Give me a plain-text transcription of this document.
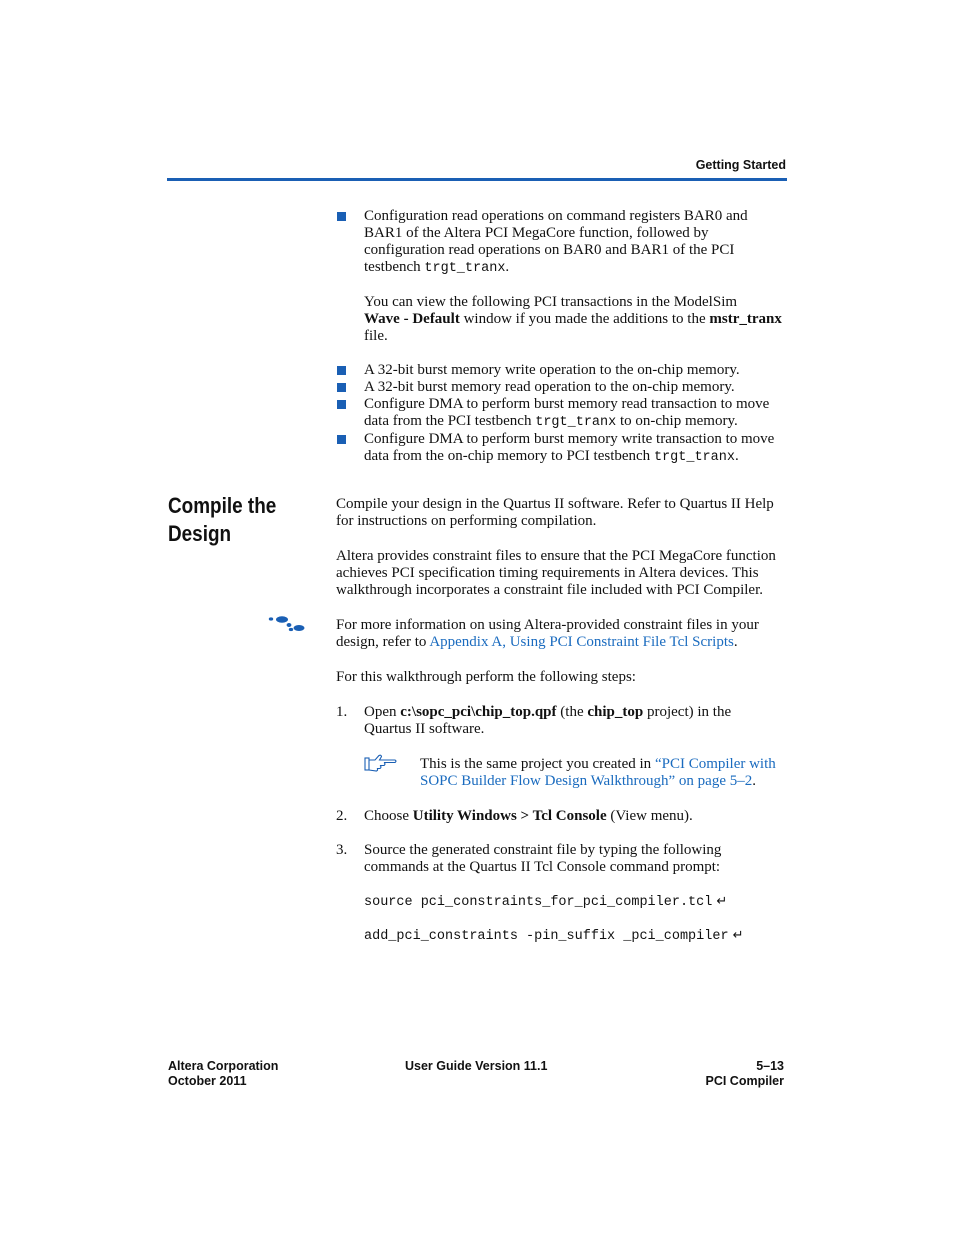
Getting Started
Configuration read operations on command registers BAR0 and
BAR1 of the Altera PCI MegaCore function, followed by
configuration read operations on BAR0 and BAR1 of the PCI
testbench trgt_tranx.
You can view the following PCI transactions in the ModelSim
Wave - Default window if you made the additions to the mstr_tranx
file.
A 32-bit burst memory write operation to the on-chip memory.
A 32-bit burst memory read operation to the on-chip memory.
Configure DMA to perform burst memory read transaction to move
data from the PCI testbench trgt_tranx to on-chip memory.
Configure DMA to perform burst memory write transaction to move
data from the on-chip memory to PCI testbench trgt_tranx.
Compile the
Design
Compile your design in the Quartus II software. Refer to Quartus II Help
for instructions on performing compilation.
Altera provides constraint files to ensure that the PCI MegaCore function
achieves PCI specification timing requirements in Altera devices. This
walkthrough incorporates a constraint file included with PCI Compiler.
For more information on using Altera-provided constraint files in your
design, refer to Appendix A, Using PCI Constraint File Tcl Scripts.
For this walkthrough perform the following steps:
1. Open c:\sopc_pci\chip_top.qpf (the chip_top project) in the
Quartus II software.
This is the same project you created in “PCI Compiler with
SOPC Builder Flow Design Walkthrough” on page 5–2.
2. Choose Utility Windows > Tcl Console (View menu).
3. Source the generated constraint file by typing the following
commands at the Quartus II Tcl Console command prompt:
source pci_constraints_for_pci_compiler.tcl ↵
add_pci_constraints -pin_suffix _pci_compiler ↵
Altera Corporation
October 2011
User Guide Version 11.1	5–13
PCI Compiler
